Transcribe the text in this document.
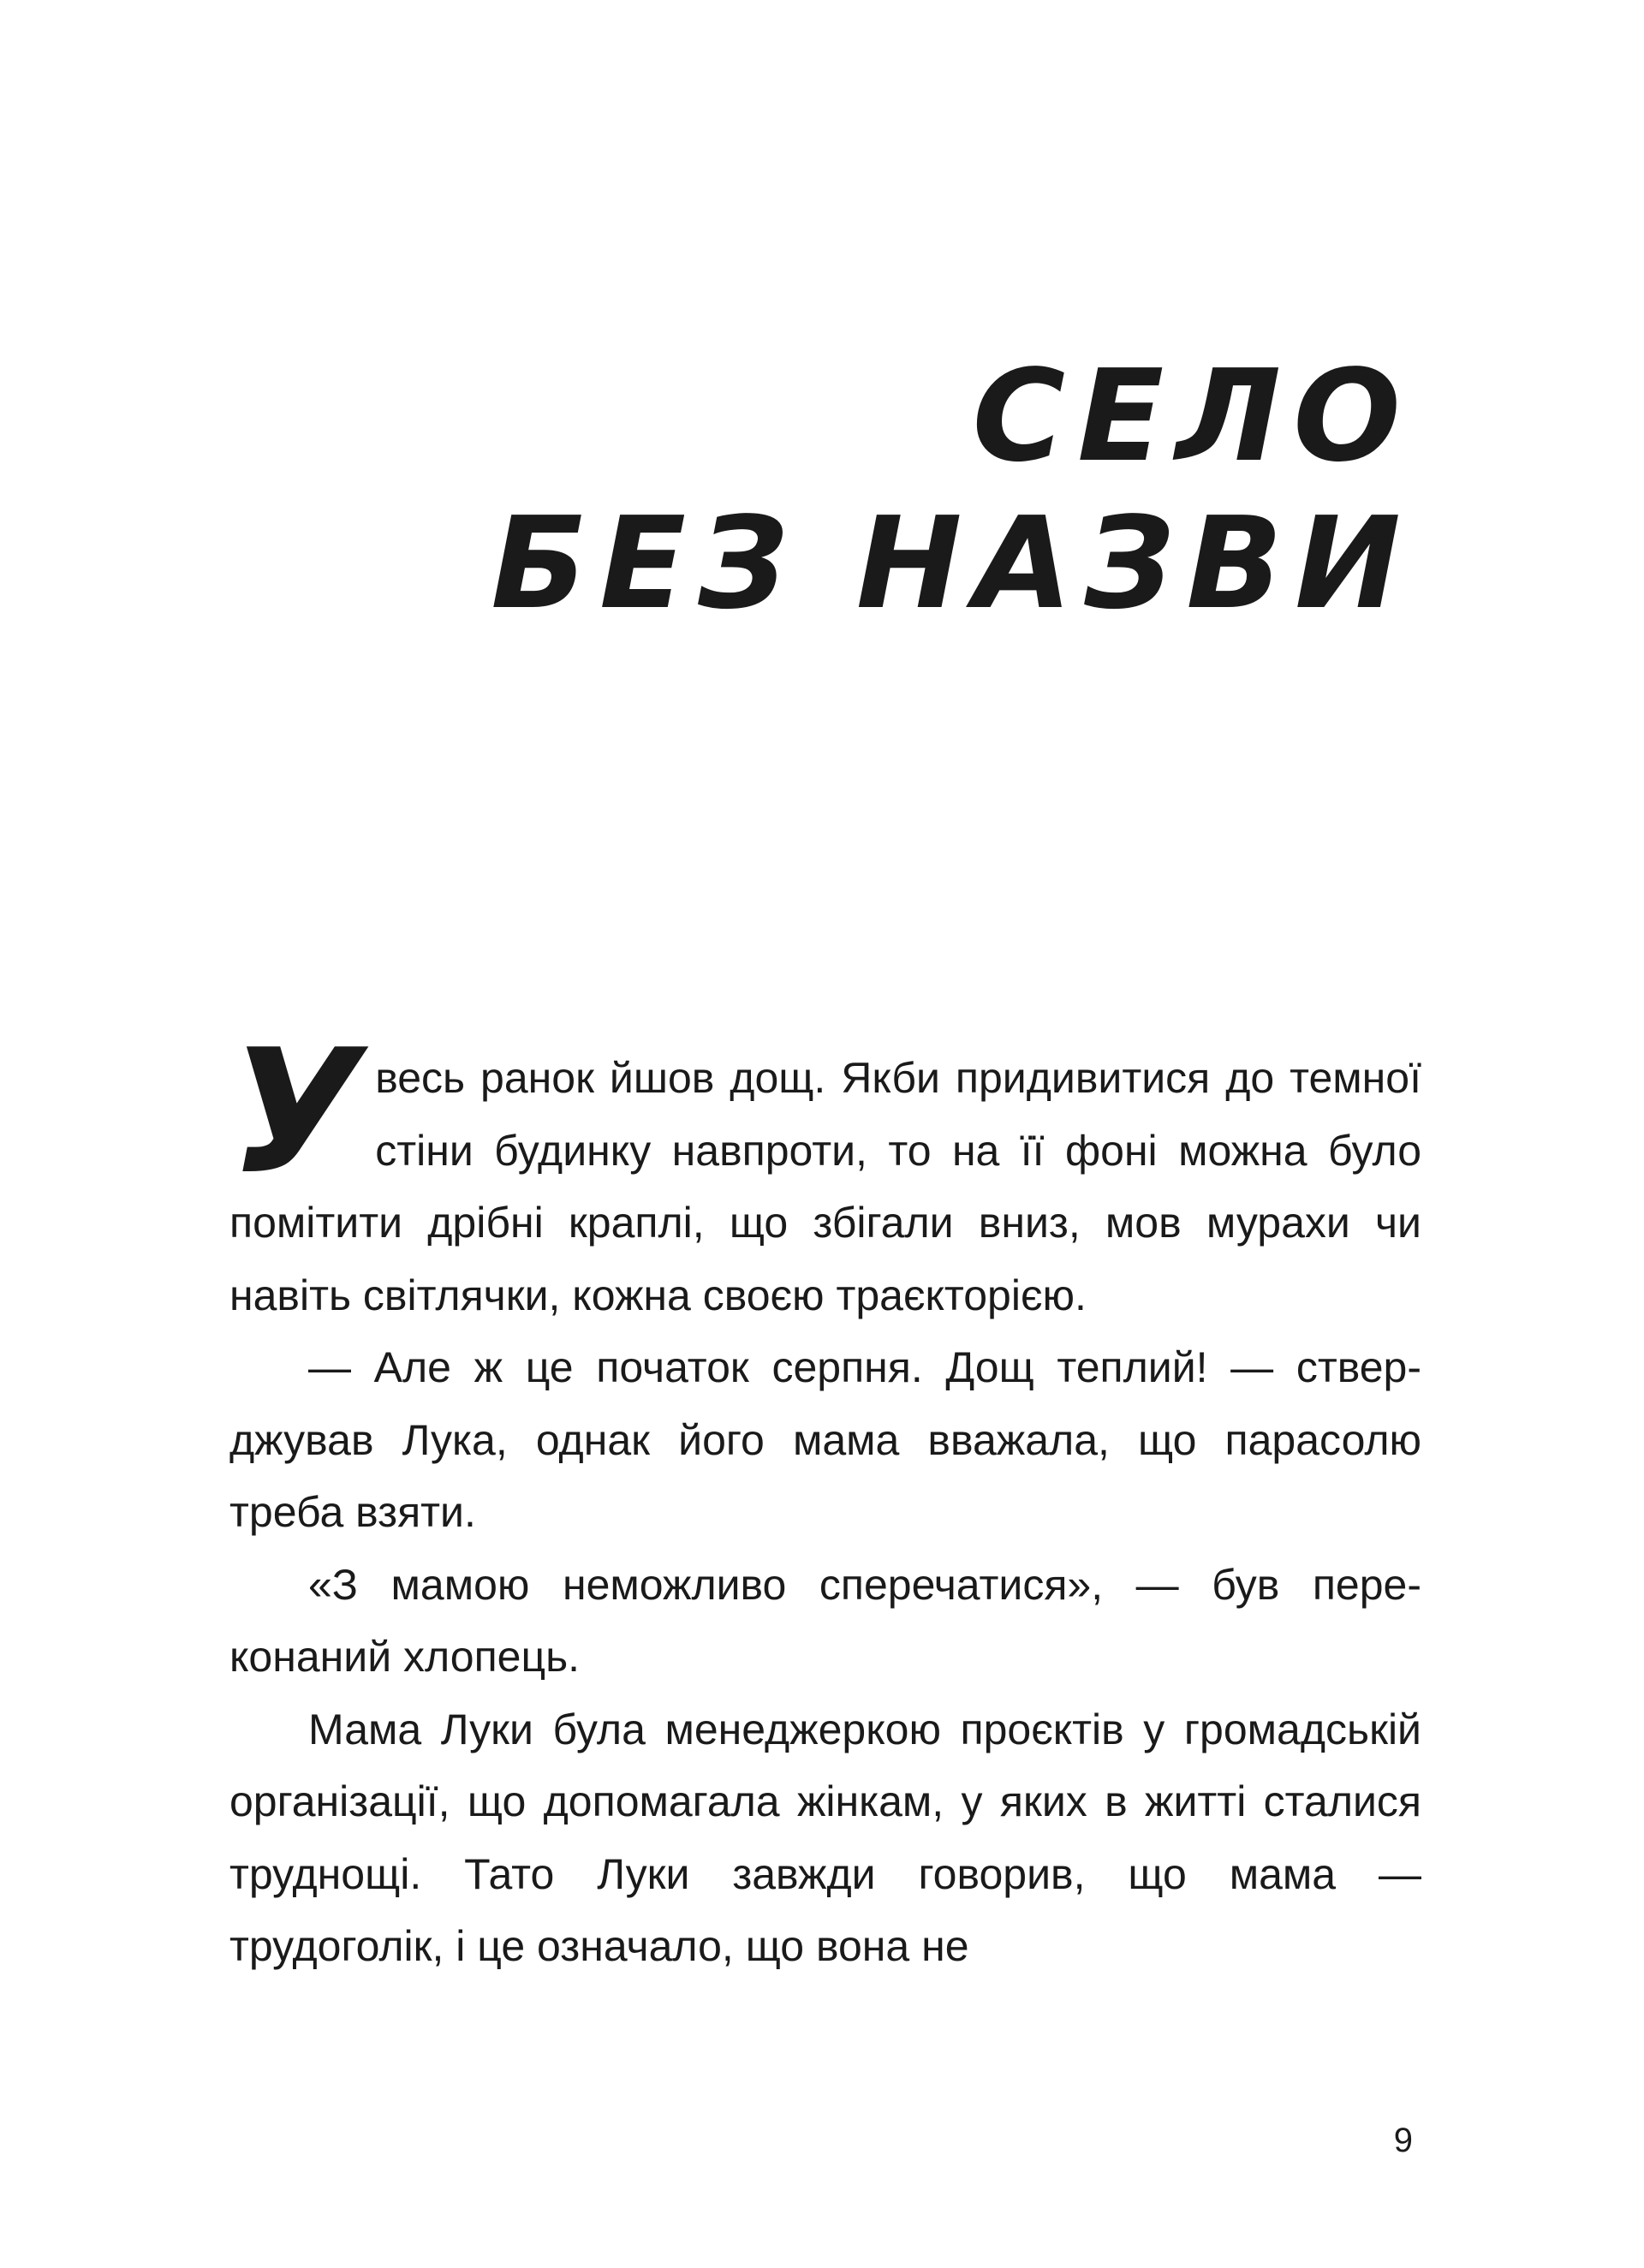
СЕЛО
БЕЗ НАЗВИ

У весь ранок йшов дощ. Якби придивитися до темної стіни будинку навпроти, то на її фоні можна було помітити дрібні краплі, що збігали вниз, мов мурахи чи навіть світлячки, кожна своєю траєкторією.

— Але ж це початок серпня. Дощ теплий! — стверджував Лука, однак його мама вважала, що парасолю треба взяти.

«З мамою неможливо сперечатися», — був переконаний хлопець.

Мама Луки була менеджеркою проєктів у громадській організації, що допомагала жінкам, у яких в житті сталися труднощі. Тато Луки завжди говорив, що мама — трудоголік, і це означало, що вона не

9
